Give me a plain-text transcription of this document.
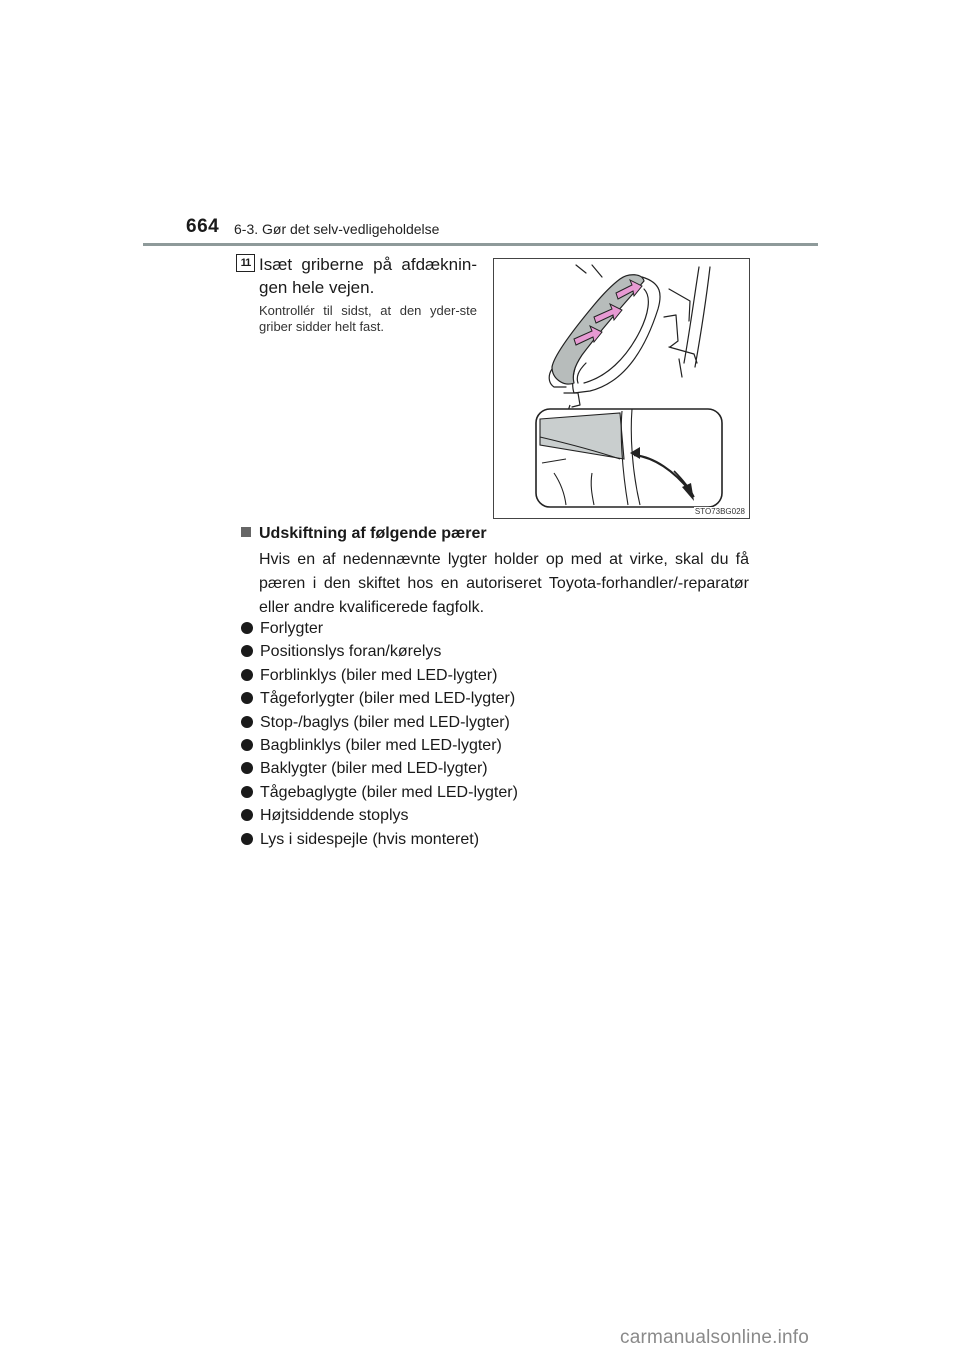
664 6-3. Gør det selv-vedligeholdelse
11 Isæt griberne på afdæknin-gen hele vejen.
Kontrollér til sidst, at den yder-ste griber sidder helt fast.
STO73BG028
Udskiftning af følgende pærer
Hvis en af nedennævnte lygter holder op med at virke, skal du få pæren i den skiftet hos en autoriseret Toyota-forhandler/-reparatør eller andre kvalificerede fagfolk.
Forlygter
Positionslys foran/kørelys
Forblinklys (biler med LED-lygter)
Tågeforlygter (biler med LED-lygter)
Stop-/baglys (biler med LED-lygter)
Bagblinklys (biler med LED-lygter)
Baklygter (biler med LED-lygter)
Tågebaglygte (biler med LED-lygter)
Højtsiddende stoplys
Lys i sidespejle (hvis monteret)
carmanualsonline.info
